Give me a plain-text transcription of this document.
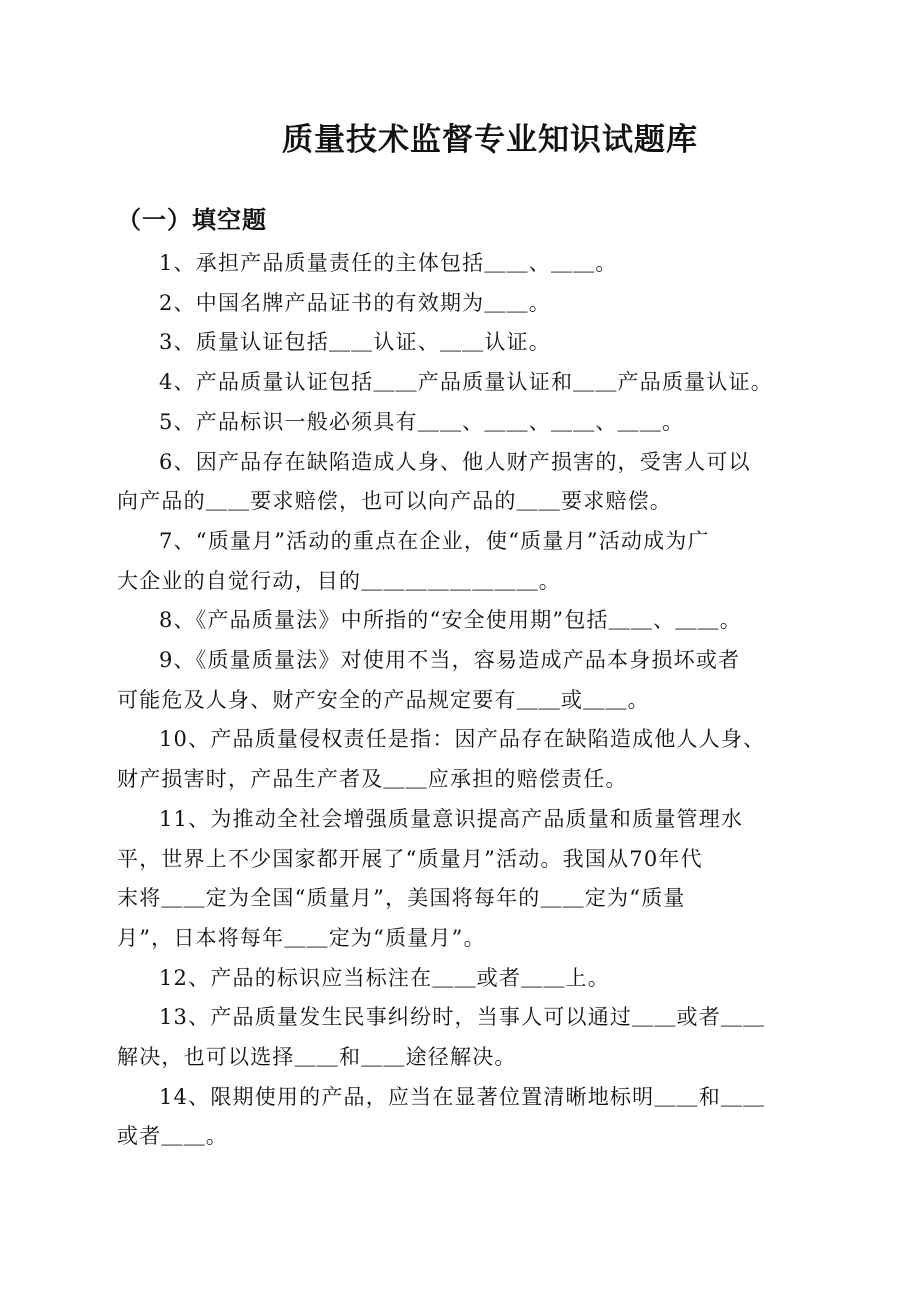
质量技术监督专业知识试题库
（一）填空题
1、承担产品质量责任的主体包括＿＿、＿＿。
2、中国名牌产品证书的有效期为＿＿。
3、质量认证包括＿＿认证、＿＿认证。
4、产品质量认证包括＿＿产品质量认证和＿＿产品质量认证。
5、产品标识一般必须具有＿＿、＿＿、＿＿、＿＿。
6、因产品存在缺陷造成人身、他人财产损害的，受害人可以
向产品的＿＿要求赔偿，也可以向产品的＿＿要求赔偿。
7、“质量月”活动的重点在企业，使“质量月”活动成为广
大企业的自觉行动，目的＿＿＿＿＿＿＿＿。
8、《产品质量法》中所指的“安全使用期”包括＿＿、＿＿。
9、《质量质量法》对使用不当，容易造成产品本身损坏或者
可能危及人身、财产安全的产品规定要有＿＿或＿＿。
10、产品质量侵权责任是指：因产品存在缺陷造成他人人身、
财产损害时，产品生产者及＿＿应承担的赔偿责任。
11、为推动全社会增强质量意识提高产品质量和质量管理水
平，世界上不少国家都开展了“质量月”活动。我国从70年代
末将＿＿定为全国“质量月”，美国将每年的＿＿定为“质量
月”，日本将每年＿＿定为“质量月”。
12、产品的标识应当标注在＿＿或者＿＿上。
13、产品质量发生民事纠纷时，当事人可以通过＿＿或者＿＿
解决，也可以选择＿＿和＿＿途径解决。
14、限期使用的产品，应当在显著位置清晰地标明＿＿和＿＿
或者＿＿。
